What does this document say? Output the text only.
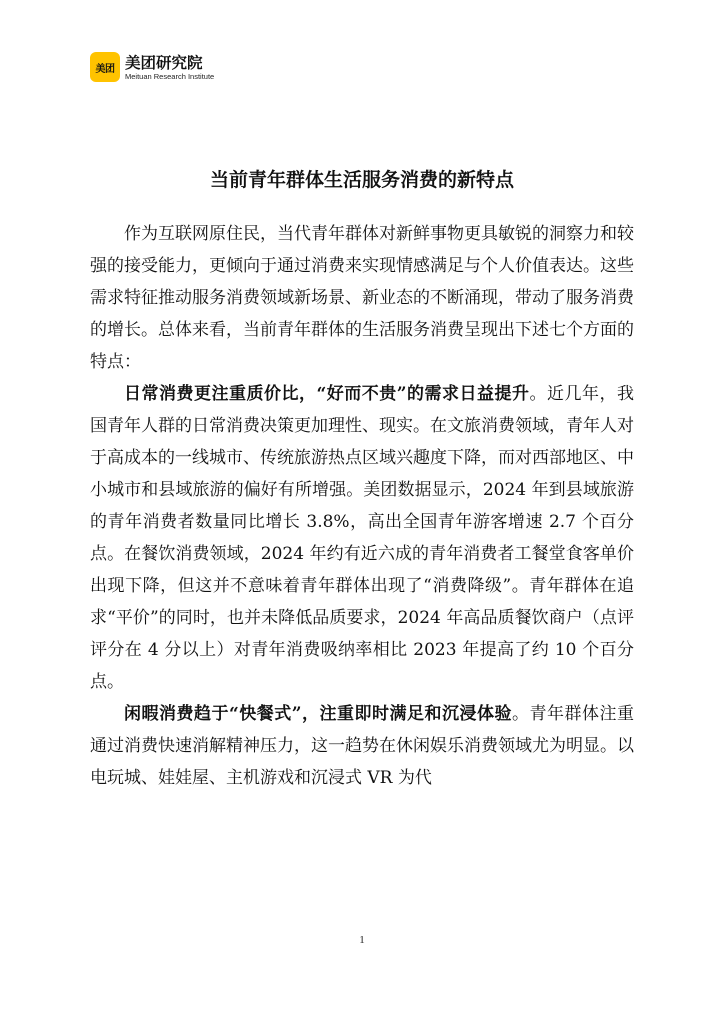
美团 美团研究院
Meituan Research Institute
当前青年群体生活服务消费的新特点

作为互联网原住民，当代青年群体对新鲜事物更具敏锐的洞察力和较强的接受能力，更倾向于通过消费来实现情感满足与个人价值表达。这些需求特征推动服务消费领域新场景、新业态的不断涌现，带动了服务消费的增长。总体来看，当前青年群体的生活服务消费呈现出下述七个方面的特点：

日常消费更注重质价比，“好而不贵”的需求日益提升。近几年，我国青年人群的日常消费决策更加理性、现实。在文旅消费领域，青年人对于高成本的一线城市、传统旅游热点区域兴趣度下降，而对西部地区、中小城市和县域旅游的偏好有所增强。美团数据显示，2024 年到县域旅游的青年消费者数量同比增长 3.8%，高出全国青年游客增速 2.7 个百分点。在餐饮消费领域，2024 年约有近六成的青年消费者工餐堂食客单价出现下降，但这并不意味着青年群体出现了“消费降级”。青年群体在追求“平价”的同时，也并未降低品质要求，2024 年高品质餐饮商户（点评评分在 4 分以上）对青年消费吸纳率相比 2023 年提高了约 10 个百分点。

闲暇消费趋于“快餐式”，注重即时满足和沉浸体验。青年群体注重通过消费快速消解精神压力，这一趋势在休闲娱乐消费领域尤为明显。以电玩城、娃娃屋、主机游戏和沉浸式 VR 为代

1
